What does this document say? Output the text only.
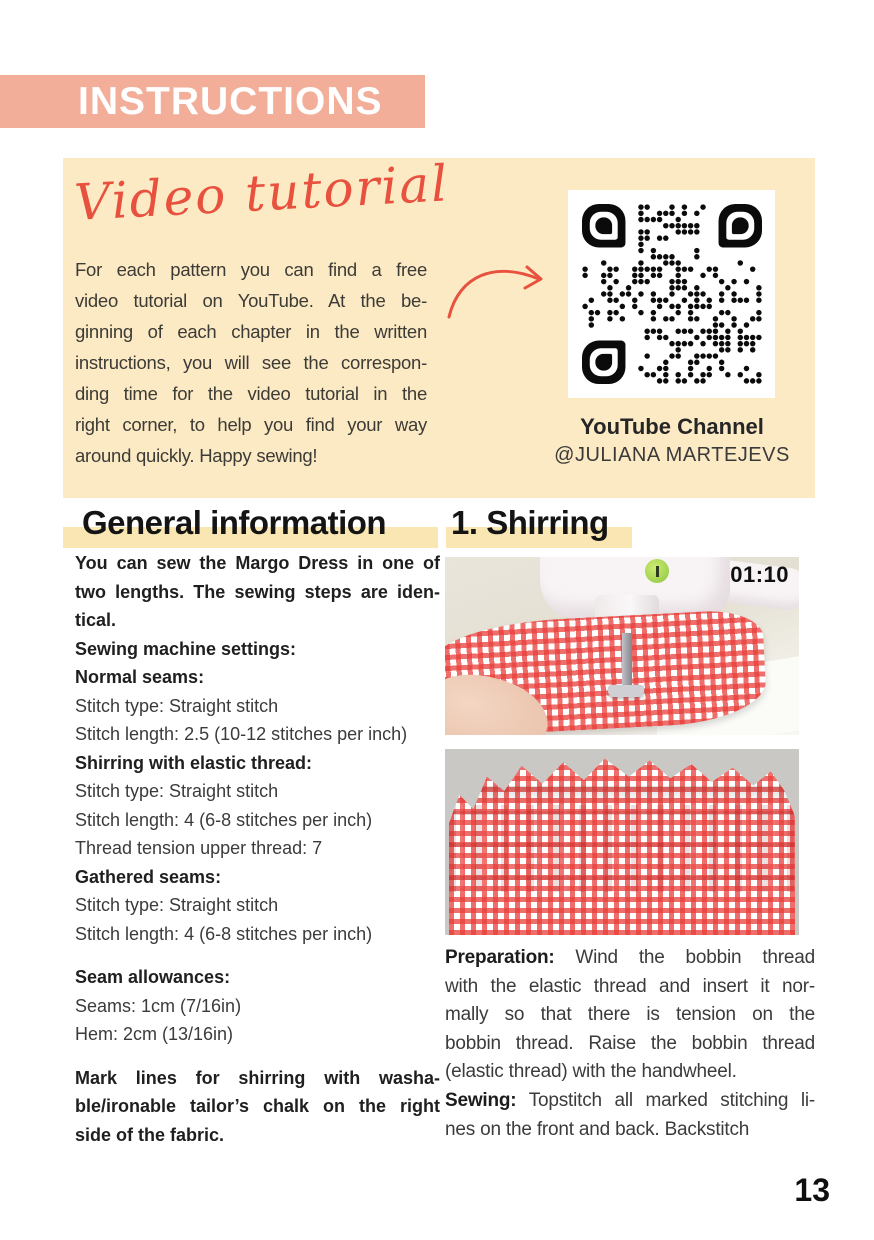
INSTRUCTIONS
Video tutorial
For each pattern you can find a free
video tutorial on YouTube. At the be-
ginning of each chapter in the written
instructions, you will see the correspon-
ding time for the video tutorial in the
right corner, to help you find your way
around quickly. Happy sewing!
YouTube Channel
@JULIANA MARTEJEVS
General information 1. Shirring
You can sew the Margo Dress in one of
two lengths. The sewing steps are iden-
tical.
Sewing machine settings:
Normal seams:
Stitch type: Straight stitch
Stitch length: 2.5 (10-12 stitches per inch)
Shirring with elastic thread:
Stitch type: Straight stitch
Stitch length: 4 (6-8 stitches per inch)
Thread tension upper thread: 7
Gathered seams:
Stitch type: Straight stitch
Stitch length: 4 (6-8 stitches per inch)
Seam allowances:
Seams: 1cm (7/16in)
Hem: 2cm (13/16in)
Mark lines for shirring with washa-
ble/ironable tailor’s chalk on the right
side of the fabric.
01:10
Preparation: Wind the bobbin thread
with the elastic thread and insert it nor-
mally so that there is tension on the
bobbin thread. Raise the bobbin thread
(elastic thread) with the handwheel.
Sewing: Topstitch all marked stitching li-
nes on the front and back. Backstitch
13
